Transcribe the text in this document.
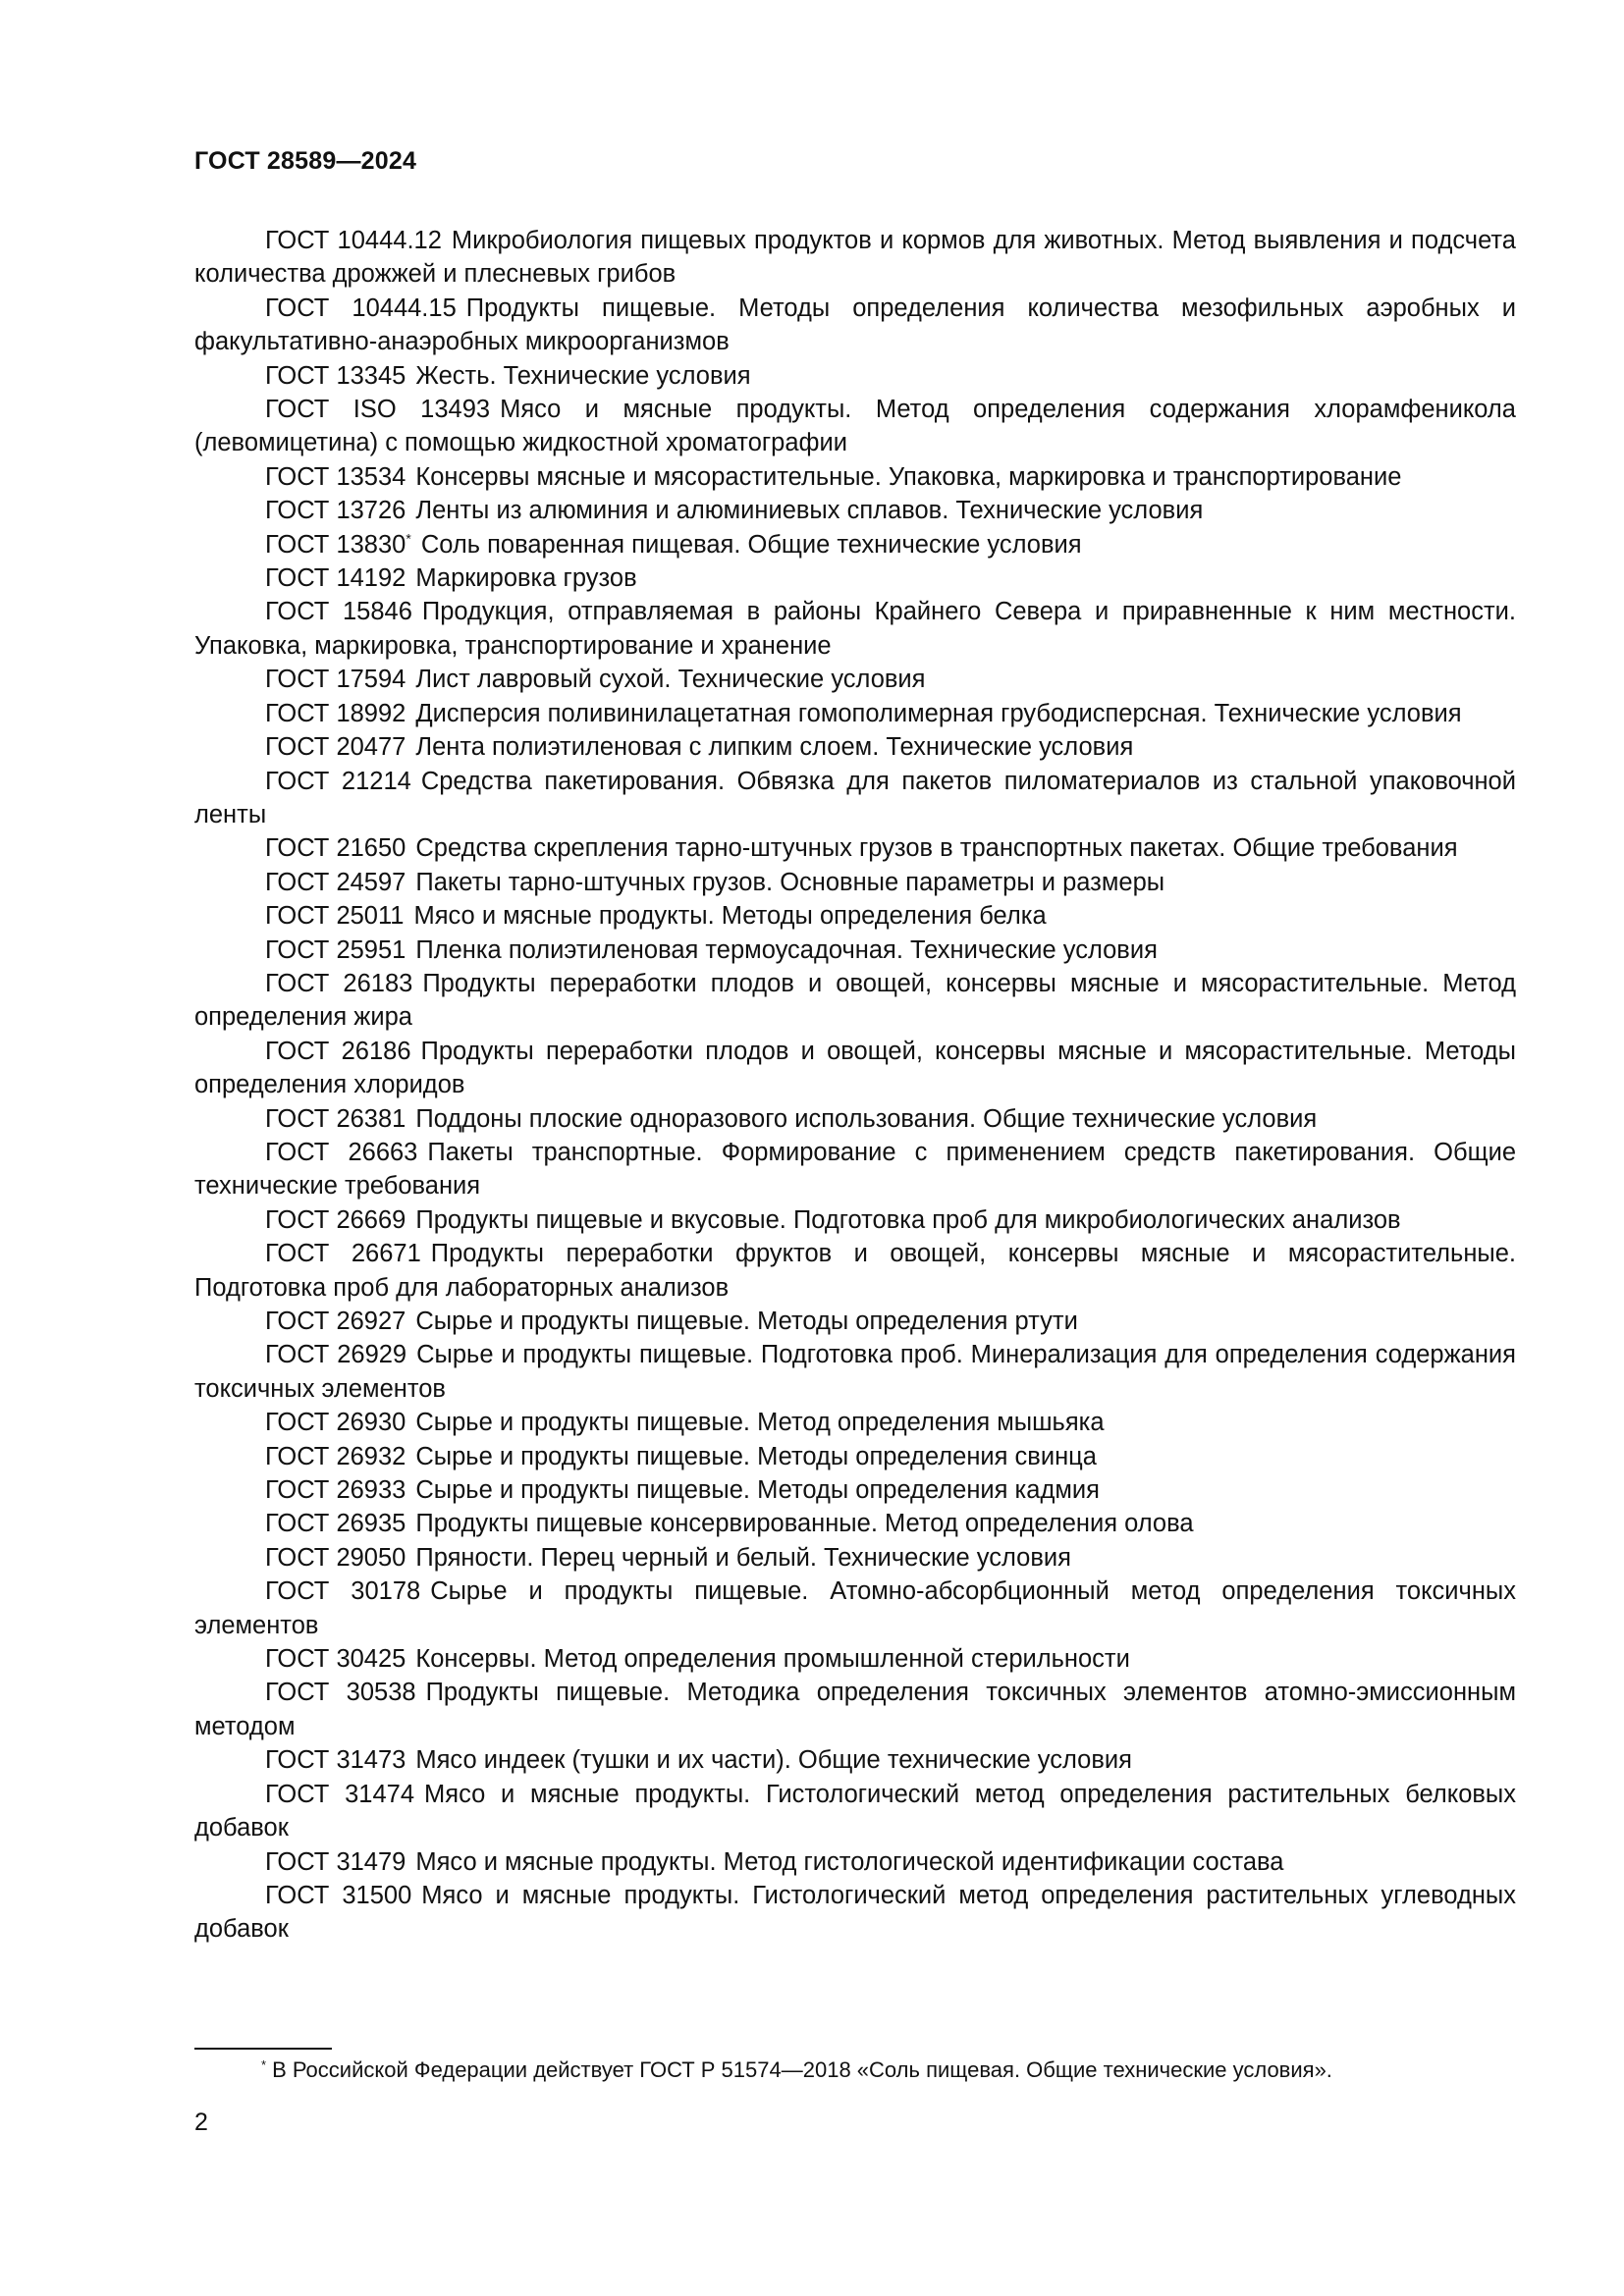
ГОСТ 28589—2024

ГОСТ 10444.12 Микробиология пищевых продуктов и кормов для животных. Метод выявления и подсчета количества дрожжей и плесневых грибов

ГОСТ 10444.15 Продукты пищевые. Методы определения количества мезофильных аэробных и факультативно-анаэробных микроорганизмов

ГОСТ 13345 Жесть. Технические условия

ГОСТ ISO 13493 Мясо и мясные продукты. Метод определения содержания хлорамфеникола (левомицетина) с помощью жидкостной хроматографии

ГОСТ 13534 Консервы мясные и мясорастительные. Упаковка, маркировка и транспортирование

ГОСТ 13726 Ленты из алюминия и алюминиевых сплавов. Технические условия

ГОСТ 13830* Соль поваренная пищевая. Общие технические условия

ГОСТ 14192 Маркировка грузов

ГОСТ 15846 Продукция, отправляемая в районы Крайнего Севера и приравненные к ним местности. Упаковка, маркировка, транспортирование и хранение

ГОСТ 17594 Лист лавровый сухой. Технические условия

ГОСТ 18992 Дисперсия поливинилацетатная гомополимерная грубодисперсная. Технические условия

ГОСТ 20477 Лента полиэтиленовая с липким слоем. Технические условия

ГОСТ 21214 Средства пакетирования. Обвязка для пакетов пиломатериалов из стальной упаковочной ленты

ГОСТ 21650 Средства скрепления тарно-штучных грузов в транспортных пакетах. Общие требования

ГОСТ 24597 Пакеты тарно-штучных грузов. Основные параметры и размеры

ГОСТ 25011 Мясо и мясные продукты. Методы определения белка

ГОСТ 25951 Пленка полиэтиленовая термоусадочная. Технические условия

ГОСТ 26183 Продукты переработки плодов и овощей, консервы мясные и мясорастительные. Метод определения жира

ГОСТ 26186 Продукты переработки плодов и овощей, консервы мясные и мясорастительные. Методы определения хлоридов

ГОСТ 26381 Поддоны плоские одноразового использования. Общие технические условия

ГОСТ 26663 Пакеты транспортные. Формирование с применением средств пакетирования. Общие технические требования

ГОСТ 26669 Продукты пищевые и вкусовые. Подготовка проб для микробиологических анализов

ГОСТ 26671 Продукты переработки фруктов и овощей, консервы мясные и мясорастительные. Подготовка проб для лабораторных анализов

ГОСТ 26927 Сырье и продукты пищевые. Методы определения ртути

ГОСТ 26929 Сырье и продукты пищевые. Подготовка проб. Минерализация для определения содержания токсичных элементов

ГОСТ 26930 Сырье и продукты пищевые. Метод определения мышьяка

ГОСТ 26932 Сырье и продукты пищевые. Методы определения свинца

ГОСТ 26933 Сырье и продукты пищевые. Методы определения кадмия

ГОСТ 26935 Продукты пищевые консервированные. Метод определения олова

ГОСТ 29050 Пряности. Перец черный и белый. Технические условия

ГОСТ 30178 Сырье и продукты пищевые. Атомно-абсорбционный метод определения токсичных элементов

ГОСТ 30425 Консервы. Метод определения промышленной стерильности

ГОСТ 30538 Продукты пищевые. Методика определения токсичных элементов атомно-эмиссионным методом

ГОСТ 31473 Мясо индеек (тушки и их части). Общие технические условия

ГОСТ 31474 Мясо и мясные продукты. Гистологический метод определения растительных белковых добавок

ГОСТ 31479 Мясо и мясные продукты. Метод гистологической идентификации состава

ГОСТ 31500 Мясо и мясные продукты. Гистологический метод определения растительных углеводных добавок

* В Российской Федерации действует ГОСТ Р 51574—2018 «Соль пищевая. Общие технические условия».
2
